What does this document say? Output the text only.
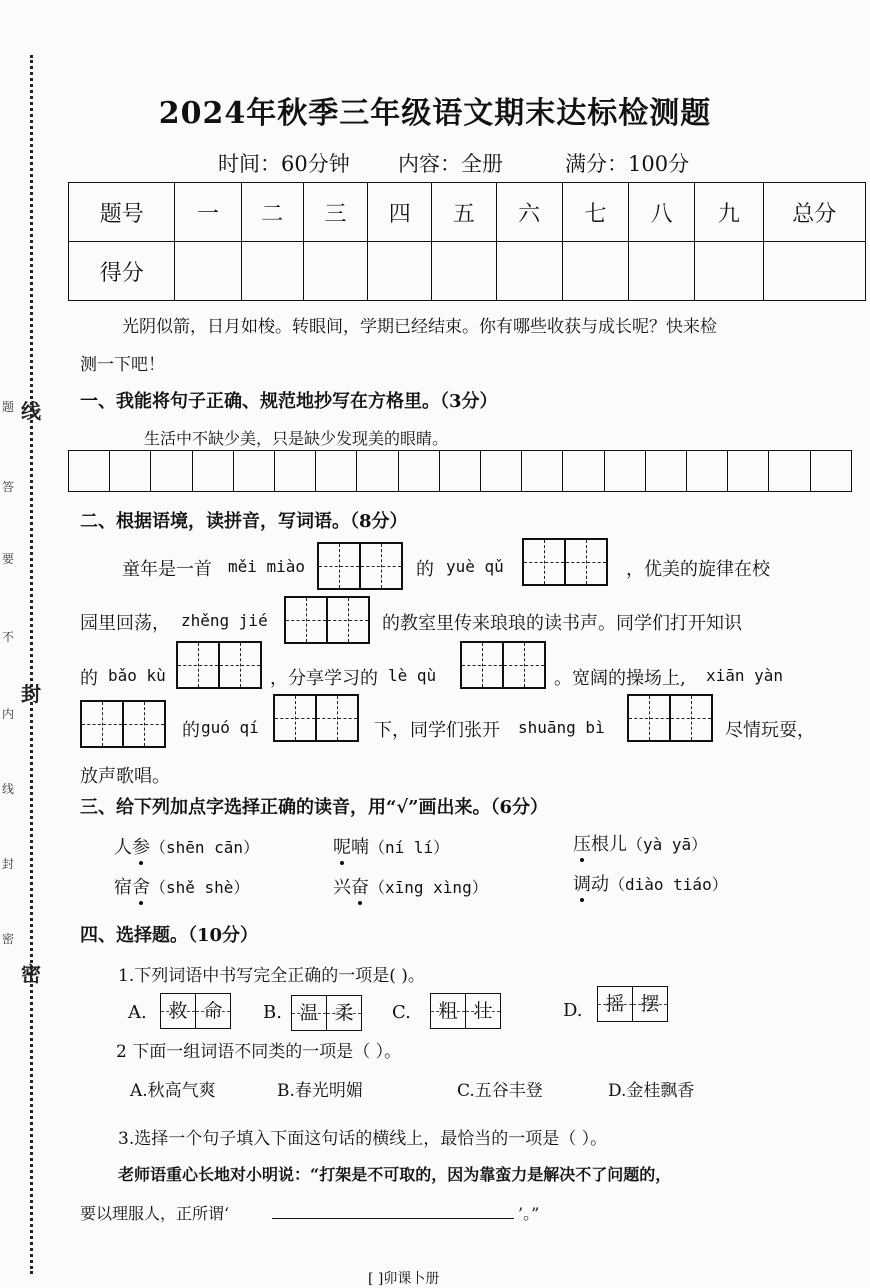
题
答
要
不
内
线
封
密
线
封
密
2024年秋季三年级语文期末达标检测题
时间：60分钟 内容：全册	满分：100分
题号	一	二	三	四	五	六	七	八	九	总分
得分										
光阴似箭，日月如梭。转眼间，学期已经结束。你有哪些收获与成长呢？快来检
测一下吧！
一、我能将句子正确、规范地抄写在方格里。（3分）
生活中不缺少美，只是缺少发现美的眼睛。
二、根据语境，读拼音，写词语。（8分）
童年是一首 měi miào	的 yuè qǔ	，优美的旋律在校
园里回荡， zhěng jié	的教室里传来琅琅的读书声。同学们打开知识
的 bǎo kù	，分享学习的 lè qù	。宽阔的操场上, xiān yàn
的 guó qí	下，同学们张开 shuāng bì	尽情玩耍，
放声歌唱。
三、给下列加点字选择正确的读音，用“√”画出来。（6分）
人参（shēn cān）	呢喃（ní lí）	压根儿（yà yā）
宿舍（shě shè）	兴奋（xīng xìng）	调动（diào tiáo）
四、选择题。（10分）
1.下列词语中书写完全正确的一项是( )。
A.	救 命	B. 温 柔	C.	粗 壮	D.	摇 摆
2 下面一组词语不同类的一项是（ ）。
A.秋高气爽	B.春光明媚	C.五谷丰登	D.金桂飘香
3.选择一个句子填入下面这句话的横线上，最恰当的一项是（ ）。
老师语重心长地对小明说：“打架是不可取的，因为靠蛮力是解决不了问题的，
要以理服人，正所谓‘	’。”
[ ]卯课卜册
